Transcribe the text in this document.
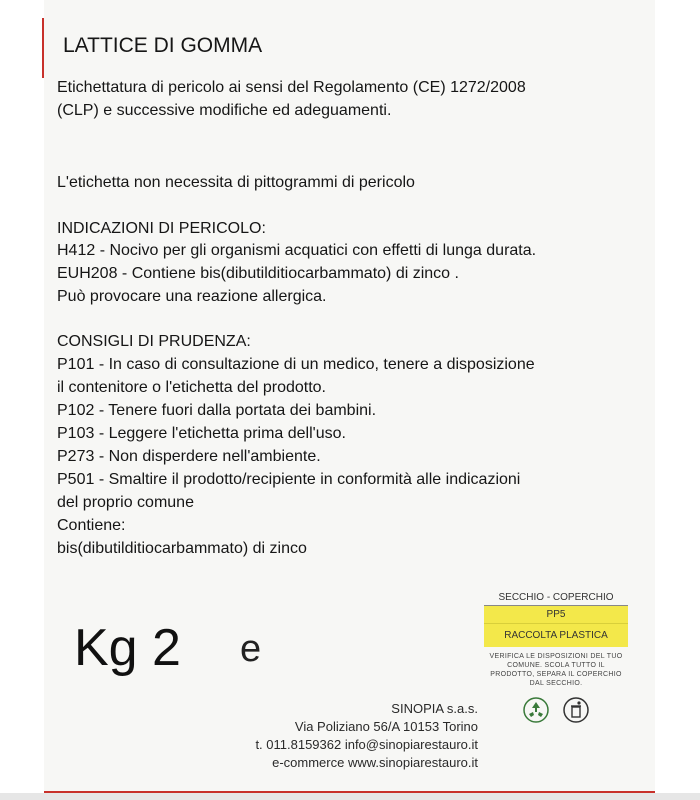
LATTICE DI GOMMA
Etichettatura di pericolo ai sensi del Regolamento (CE) 1272/2008
(CLP) e successive modifiche ed adeguamenti.
L'etichetta non necessita di pittogrammi di pericolo
INDICAZIONI DI PERICOLO:
H412 - Nocivo per gli organismi acquatici con effetti di lunga durata.
EUH208 - Contiene bis(dibutilditiocarbammato) di zinco .
Può provocare una reazione allergica.
CONSIGLI DI PRUDENZA:
P101 - In caso di consultazione di un medico, tenere a disposizione
il contenitore o l'etichetta del prodotto.
P102 - Tenere fuori dalla portata dei bambini.
P103 - Leggere l'etichetta prima dell'uso.
P273 - Non disperdere nell'ambiente.
P501 - Smaltire il prodotto/recipiente in conformità alle indicazioni
del proprio comune
Contiene:
bis(dibutilditiocarbammato) di zinco
Kg 2 e
SINOPIA s.a.s.
Via Poliziano 56/A 10153 Torino
t. 011.8159362 info@sinopiarestauro.it
e-commerce www.sinopiarestauro.it
SECCHIO - COPERCHIO
PP5
RACCOLTA PLASTICA
VERIFICA LE DISPOSIZIONI DEL TUO COMUNE. SCOLA TUTTO IL PRODOTTO, SEPARA IL COPERCHIO DAL SECCHIO.
